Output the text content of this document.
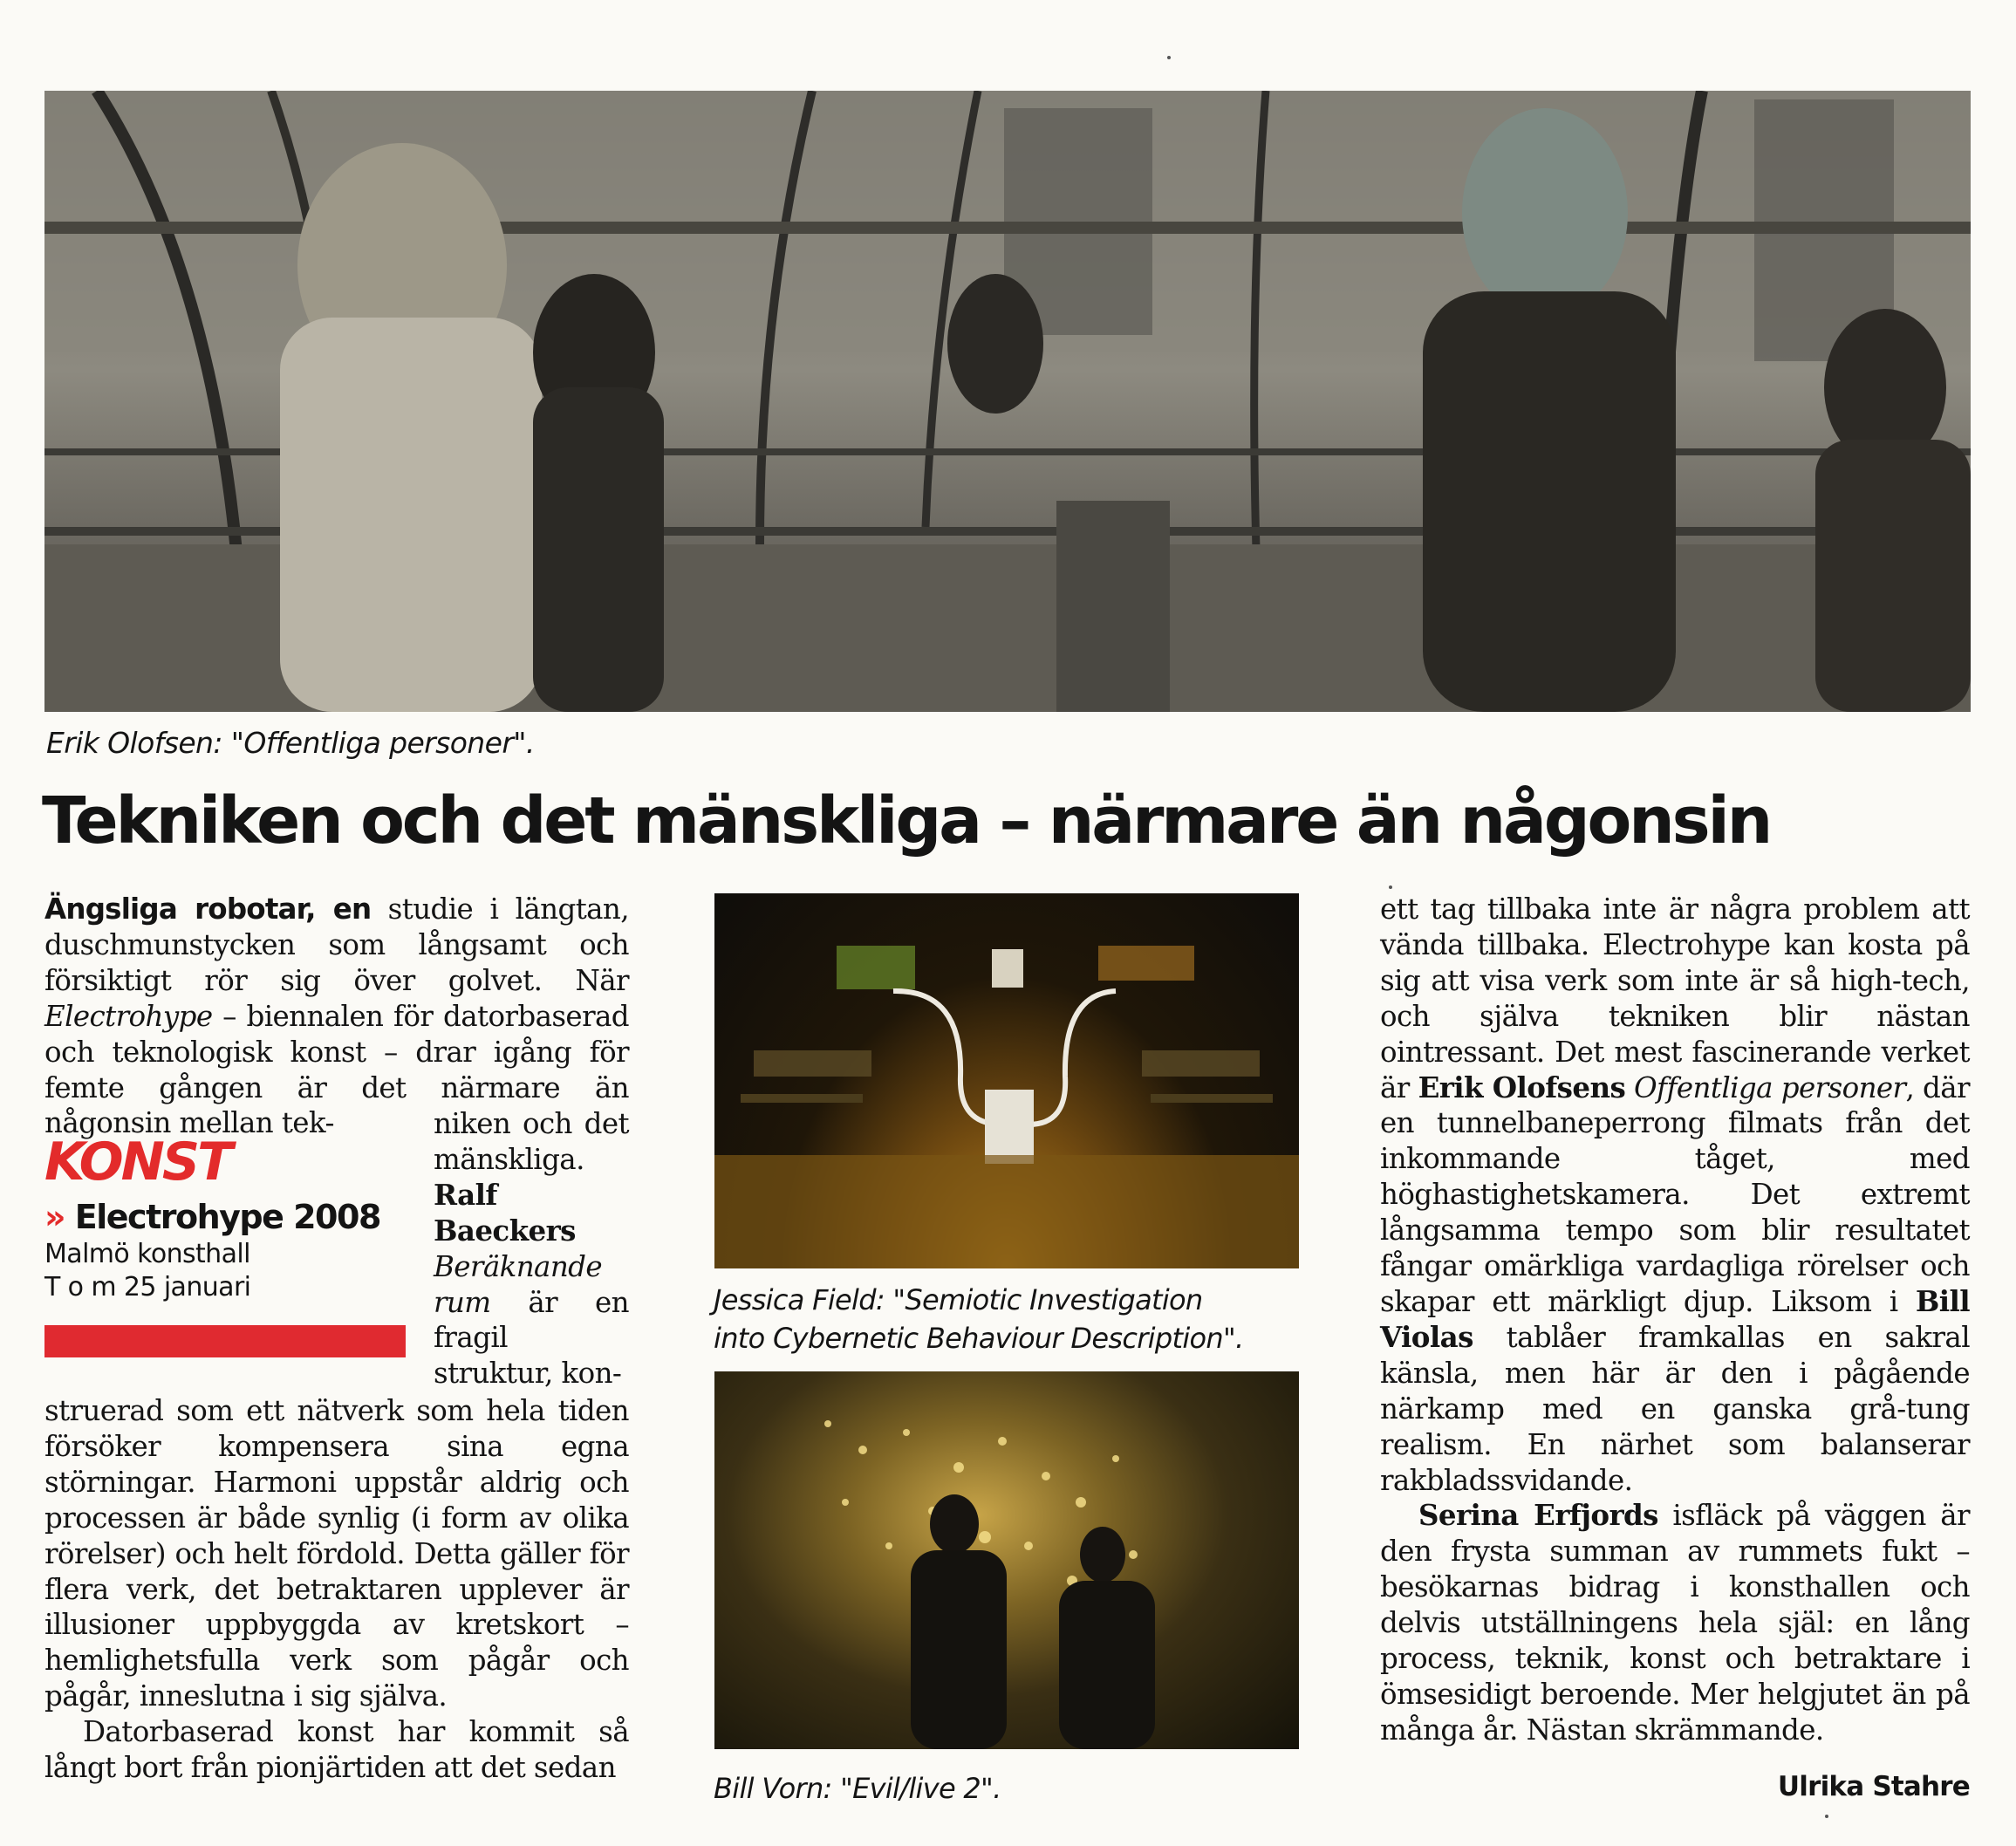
Erik Olofsen: "Offentliga personer".
Tekniken och det mänskliga – närmare än någonsin

Ängsliga robotar, en studie i längtan, duschmunstycken som långsamt och försiktigt rör sig över golvet. När Electrohype – biennalen för datorbaserad och teknologisk konst – drar igång för femte gången är det närmare än någonsin mellan tek-	niken och det mänskliga. Ralf Baeckers Beräknande rum är en fragil struktur, kon-

KONST
» Electrohype 2008
Malmö konsthall
T o m 25 januari

struerad som ett nätverk som hela tiden försöker kompensera sina egna störningar. Harmoni uppstår aldrig och processen är både synlig (i form av olika rörelser) och helt fördold. Detta gäller för flera verk, det betraktaren upplever är illusioner uppbyggda av kretskort – hemlighetsfulla verk som pågår och pågår, inneslutna i sig själva.
Datorbaserad konst har kommit så långt bort från pionjärtiden att det sedan

Jessica Field: "Semiotic Investigation
into Cybernetic Behaviour Description".
Bill Vorn: "Evil/live 2".

ett tag tillbaka inte är några problem att vända tillbaka. Electrohype kan kosta på sig att visa verk som inte är så high-tech, och själva tekniken blir nästan ointressant. Det mest fascinerande verket är Erik Olofsens Offentliga personer, där en tunnelbaneperrong filmats från det inkommande tåget, med höghastighetskamera. Det extremt långsamma tempo som blir resultatet fångar omärkliga vardagliga rörelser och skapar ett märkligt djup. Liksom i Bill Violas tablåer framkallas en sakral känsla, men här är den i pågående närkamp med en ganska grå-tung realism. En närhet som balanserar rakbladssvidande.

Serina Erfjords isfläck på väggen är den frysta summan av rummets fukt – besökarnas bidrag i konsthallen och delvis utställningens hela själ: en lång process, teknik, konst och betraktare i ömsesidigt beroende. Mer helgjutet än på många år. Nästan skrämmande.

Ulrika Stahre
